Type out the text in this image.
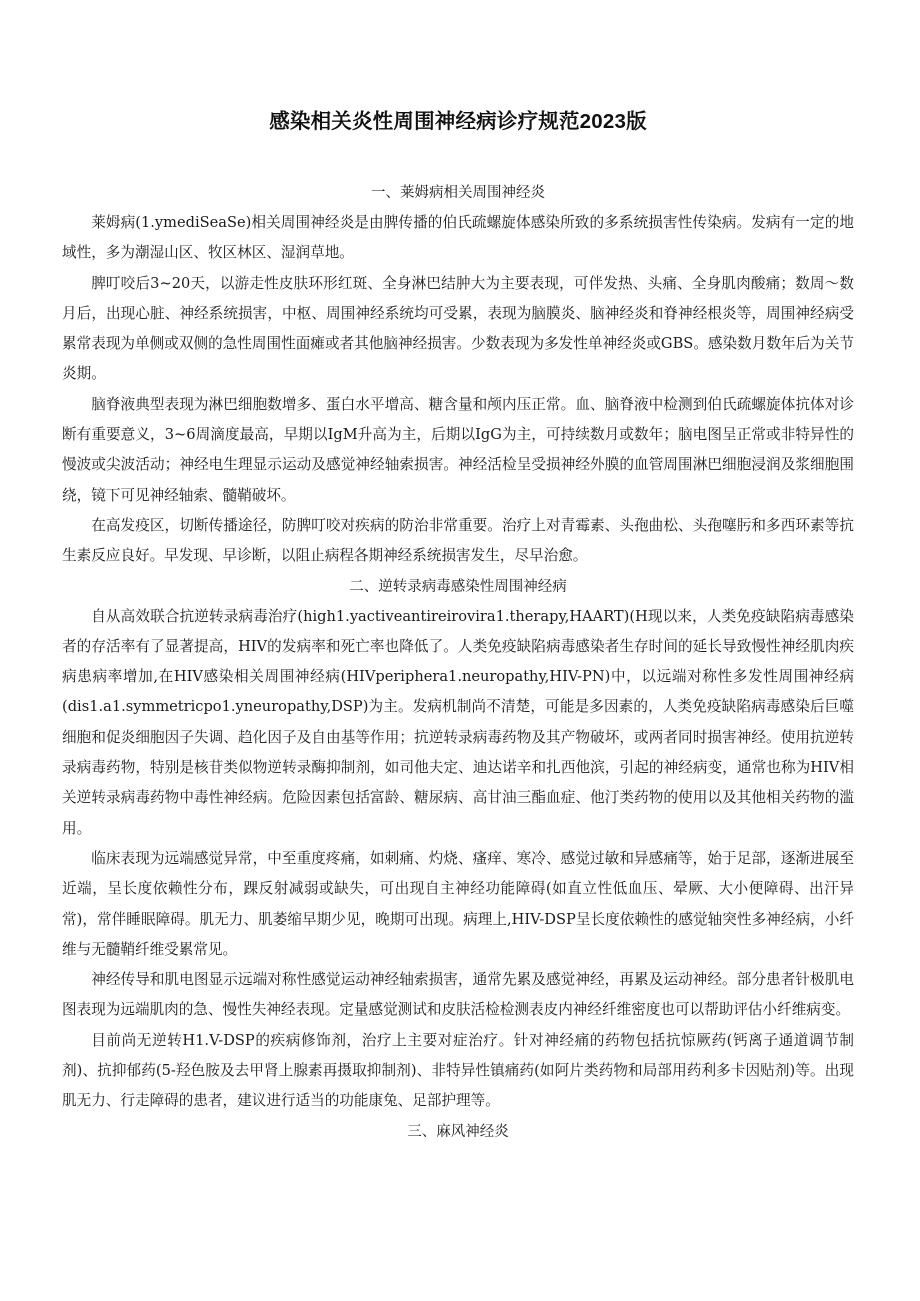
感染相关炎性周围神经病诊疗规范2023版
一、莱姆病相关周围神经炎

莱姆病(1.ymediSeaSe)相关周围神经炎是由脾传播的伯氏疏螺旋体感染所致的多系统损害性传染病。发病有一定的地域性，多为潮湿山区、牧区林区、湿润草地。

脾叮咬后3~20天，以游走性皮肤环形红斑、全身淋巴结肿大为主要表现，可伴发热、头痛、全身肌肉酸痛；数周～数月后，出现心脏、神经系统损害，中枢、周围神经系统均可受累，表现为脑膜炎、脑神经炎和脊神经根炎等，周围神经病受累常表现为单侧或双侧的急性周围性面瘫或者其他脑神经损害。少数表现为多发性单神经炎或GBS。感染数月数年后为关节炎期。

脑脊液典型表现为淋巴细胞数增多、蛋白水平增高、糖含量和颅内压正常。血、脑脊液中检测到伯氏疏螺旋体抗体对诊断有重要意义，3~6周滴度最高，早期以IgM升高为主，后期以IgG为主，可持续数月或数年；脑电图呈正常或非特异性的慢波或尖波活动；神经电生理显示运动及感觉神经轴索损害。神经活检呈受损神经外膜的血管周围淋巴细胞浸润及浆细胞围绕，镜下可见神经轴索、髓鞘破坏。

在高发疫区，切断传播途径，防脾叮咬对疾病的防治非常重要。治疗上对青霉素、头孢曲松、头孢噻肟和多西环素等抗生素反应良好。早发现、早诊断，以阻止病程各期神经系统损害发生，尽早治愈。

二、逆转录病毒感染性周围神经病

自从高效联合抗逆转录病毒治疗(high1.yactiveantireirovira1.therapy,HAART)(H现以来，人类免疫缺陷病毒感染者的存活率有了显著提高，HIV的发病率和死亡率也降低了。人类免疫缺陷病毒感染者生存时间的延长导致慢性神经肌肉疾病患病率增加,在HIV感染相关周围神经病(HIVperiphera1.neuropathy,HIV-PN)中，以远端对称性多发性周围神经病(dis1.a1.symmetricpo1.yneuropathy,DSP)为主。发病机制尚不清楚，可能是多因素的，人类免疫缺陷病毒感染后巨噬细胞和促炎细胞因子失调、趋化因子及自由基等作用；抗逆转录病毒药物及其产物破坏，或两者同时损害神经。使用抗逆转录病毒药物，特别是核苷类似物逆转录酶抑制剂，如司他夫定、迪达诺辛和扎西他滨，引起的神经病变，通常也称为HIV相关逆转录病毒药物中毒性神经病。危险因素包括富龄、糖尿病、高甘油三酯血症、他汀类药物的使用以及其他相关药物的滥用。

临床表现为远端感觉异常，中至重度疼痛，如刺痛、灼烧、瘙痒、寒冷、感觉过敏和异感痛等，始于足部，逐渐进展至近端，呈长度依赖性分布，踝反射减弱或缺失，可出现自主神经功能障碍(如直立性低血压、晕厥、大小便障碍、出汗异常)，常伴睡眠障碍。肌无力、肌萎缩早期少见，晚期可出现。病理上,HIV-DSP呈长度依赖性的感觉轴突性多神经病，小纤维与无髓鞘纤维受累常见。

神经传导和肌电图显示远端对称性感觉运动神经轴索损害，通常先累及感觉神经，再累及运动神经。部分患者针极肌电图表现为远端肌肉的急、慢性失神经表现。定量感觉测试和皮肤活检检测表皮内神经纤维密度也可以帮助评估小纤维病变。

目前尚无逆转H1.V-DSP的疾病修饰剂，治疗上主要对症治疗。针对神经痛的药物包括抗惊厥药(钙离子通道调节制剂)、抗抑郁药(5-羟色胺及去甲肾上腺素再摄取抑制剂)、非特异性镇痛药(如阿片类药物和局部用药利多卡因贴剂)等。出现肌无力、行走障碍的患者，建议进行适当的功能康兔、足部护理等。

三、麻风神经炎
